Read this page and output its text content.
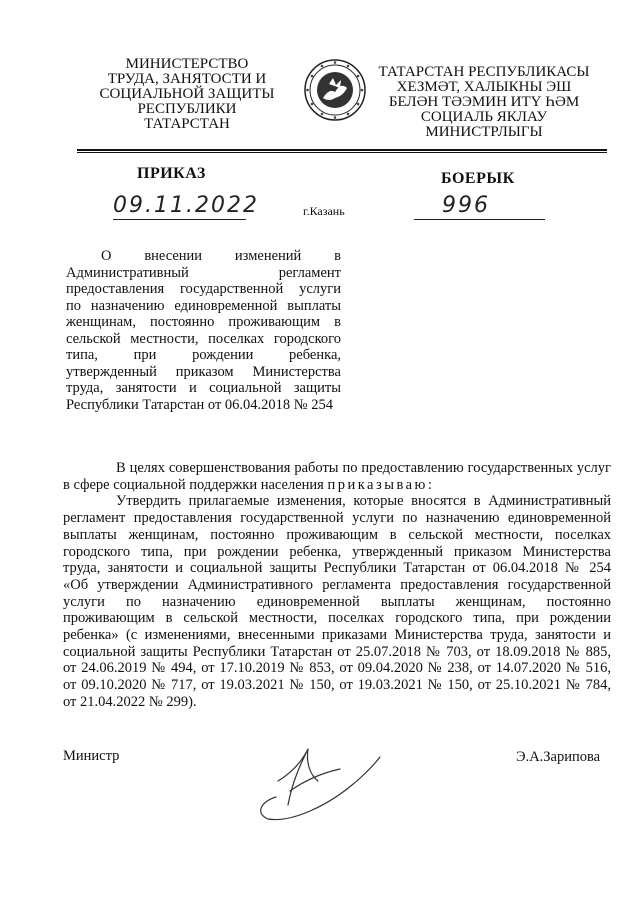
МИНИСТЕРСТВО
ТРУДА, ЗАНЯТОСТИ И
СОЦИАЛЬНОЙ ЗАЩИТЫ
РЕСПУБЛИКИ
ТАТАРСТАН
ТАТАРСТАН РЕСПУБЛИКАСЫ
ХЕЗМӘТ, ХАЛЫКНЫ ЭШ
БЕЛӘН ТӘЭМИН ИТҮ ҺӘМ
СОЦИАЛЬ ЯКЛАУ
МИНИСТРЛЫГЫ
ПРИКАЗ	БОЕРЫК
09.11.2022	г.Казань	996
О внесении изменений в
Административный регламент
предоставления государственной услуги
по назначению единовременной выплаты
женщинам, постоянно проживающим в
сельской местности, поселках городского
типа, при рождении ребенка,
утвержденный приказом Министерства
труда, занятости и социальной защиты
Республики Татарстан от 06.04.2018 № 254
В целях совершенствования работы по предоставлению государственных услуг
в сфере социальной поддержки населения приказываю:
Утвердить прилагаемые изменения, которые вносятся в Административный
регламент предоставления государственной услуги по назначению единовременной
выплаты женщинам, постоянно проживающим в сельской местности, поселках
городского типа, при рождении ребенка, утвержденный приказом Министерства
труда, занятости и социальной защиты Республики Татарстан от 06.04.2018 № 254
«Об утверждении Административного регламента предоставления государственной
услуги по назначению единовременной выплаты женщинам, постоянно
проживающим в сельской местности, поселках городского типа, при рождении
ребенка» (с изменениями, внесенными приказами Министерства труда, занятости и
социальной защиты Республики Татарстан от 25.07.2018 № 703, от 18.09.2018 № 885,
от 24.06.2019 № 494, от 17.10.2019 № 853, от 09.04.2020 № 238, от 14.07.2020 № 516,
от 09.10.2020 № 717, от 19.03.2021 № 150, от 19.03.2021 № 150, от 25.10.2021 № 784,
от 21.04.2022 № 299).
Министр	Э.А.Зарипова
